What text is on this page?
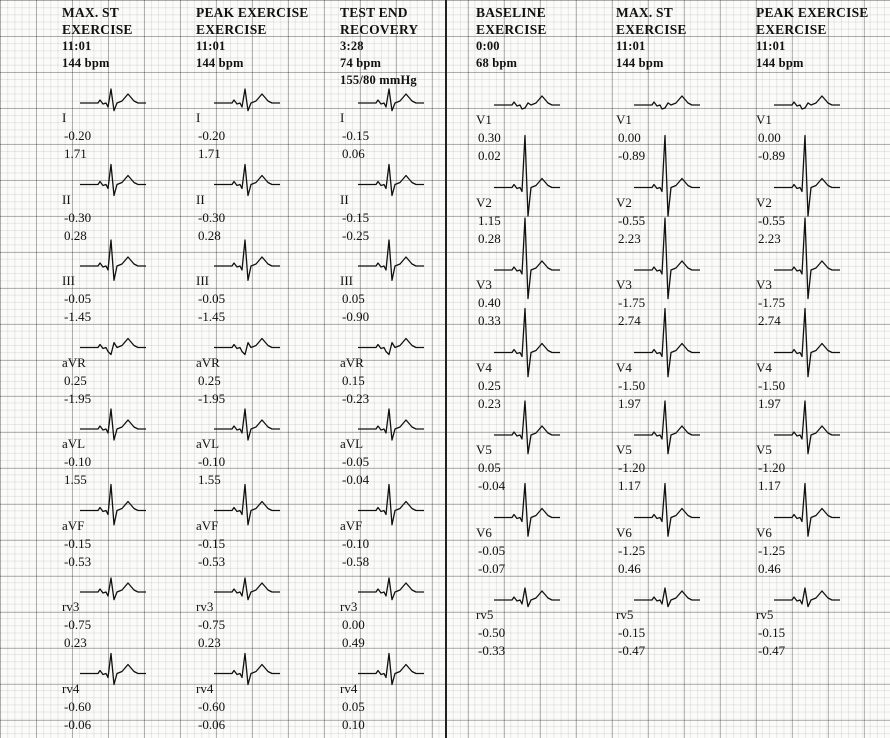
MAX. ST
EXERCISE
11:01
144 bpm
PEAK EXERCISE
EXERCISE
11:01
144 bpm
TEST END
RECOVERY
3:28
74 bpm
155/80 mmHg
BASELINE
EXERCISE
0:00
68 bpm
MAX. ST
EXERCISE
11:01
144 bpm
PEAK EXERCISE
EXERCISE
11:01
144 bpm
I
-0.20
1.71
II
-0.30
0.28
III
-0.05
-1.45
aVR
0.25
-1.95
aVL
-0.10
1.55
aVF
-0.15
-0.53
rv3
-0.75
0.23
rv4
-0.60
-0.06
I
-0.20
1.71
II
-0.30
0.28
III
-0.05
-1.45
aVR
0.25
-1.95
aVL
-0.10
1.55
aVF
-0.15
-0.53
rv3
-0.75
0.23
rv4
-0.60
-0.06
I
-0.15
0.06
II
-0.15
-0.25
III
0.05
-0.90
aVR
0.15
-0.23
aVL
-0.05
-0.04
aVF
-0.10
-0.58
rv3
0.00
0.49
rv4
0.05
0.10
V1
0.30
0.02
V2
1.15
0.28
V3
0.40
0.33
V4
0.25
0.23
V5
0.05
-0.04
V6
-0.05
-0.07
rv5
-0.50
-0.33
V1
0.00
-0.89
V2
-0.55
2.23
V3
-1.75
2.74
V4
-1.50
1.97
V5
-1.20
1.17
V6
-1.25
0.46
rv5
-0.15
-0.47
V1
0.00
-0.89
V2
-0.55
2.23
V3
-1.75
2.74
V4
-1.50
1.97
V5
-1.20
1.17
V6
-1.25
0.46
rv5
-0.15
-0.47
